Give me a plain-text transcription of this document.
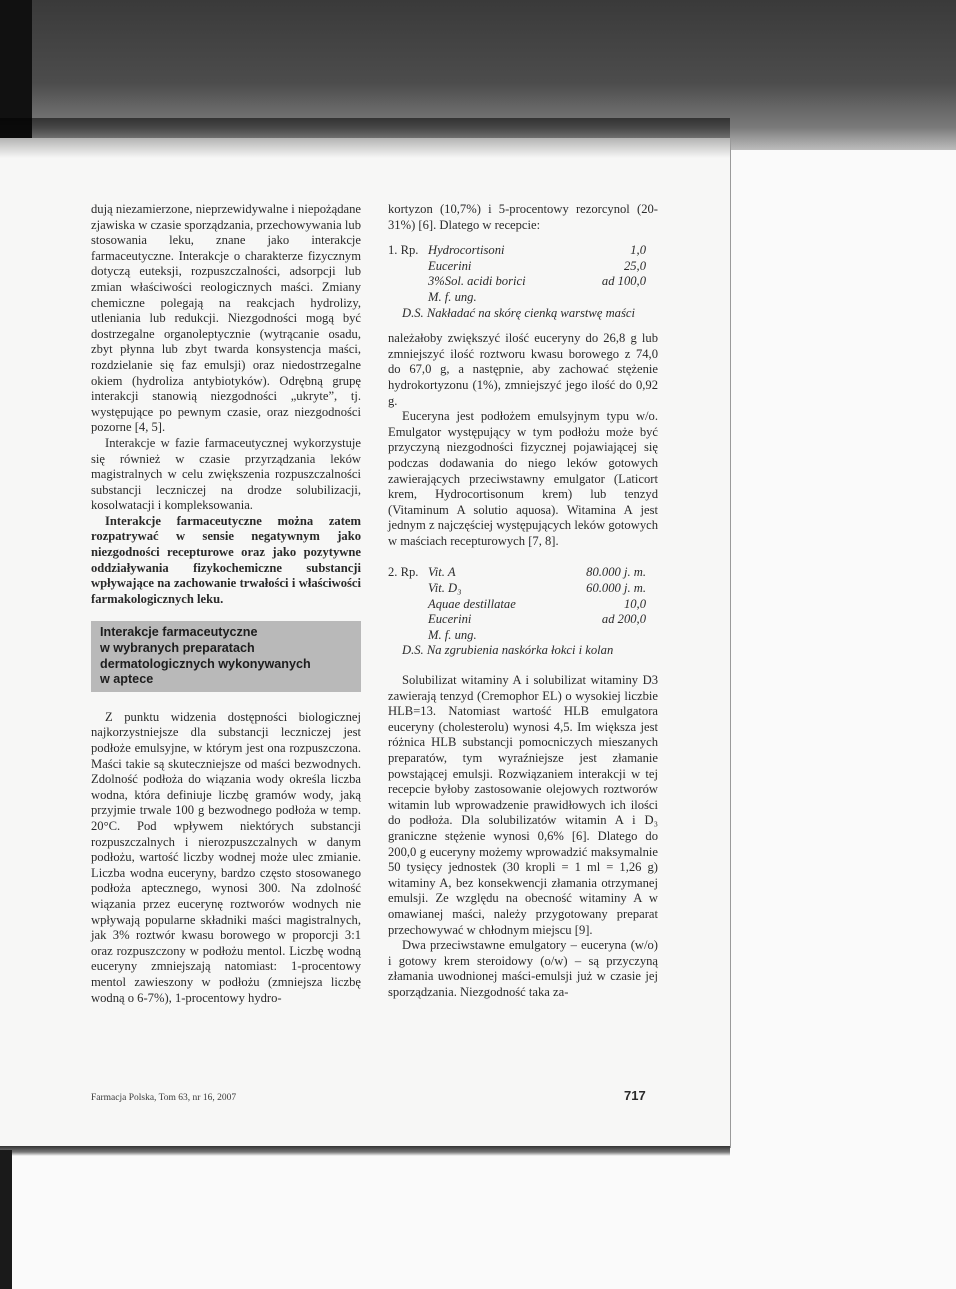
dują niezamierzone, nieprzewidywalne i niepożądane zjawiska w czasie sporządzania, przechowywania lub stosowania leku, znane jako interakcje farmaceutyczne. Interakcje o charakterze fizycznym dotyczą euteksji, rozpuszczalności, adsorpcji lub zmian właściwości reologicznych maści. Zmiany chemiczne polegają na reakcjach hydrolizy, utleniania lub redukcji. Niezgodności mogą być dostrzegalne organoleptycznie (wytrącanie osadu, zbyt płynna lub zbyt twarda konsystencja maści, rozdzielanie się faz emulsji) oraz niedostrzegalne okiem (hydroliza antybiotyków). Odrębną grupę interakcji stanowią niezgodności „ukryte”, tj. występujące po pewnym czasie, oraz niezgodności pozorne [4, 5].

Interakcje w fazie farmaceutycznej wykorzystuje się również w czasie przyrządzania leków magistralnych w celu zwiększenia rozpuszczalności substancji leczniczej na drodze solubilizacji, kosolwatacji i kompleksowania.

Interakcje farmaceutyczne można zatem rozpatrywać w sensie negatywnym jako niezgodności recepturowe oraz jako pozytywne oddziaływania fizykochemiczne substancji wpływające na zachowanie trwałości i właściwości farmakologicznych leku.

Interakcje farmaceutyczne
w wybranych preparatach
dermatologicznych wykonywanych
w aptece

Z punktu widzenia dostępności biologicznej najkorzystniejsze dla substancji leczniczej jest podłoże emulsyjne, w którym jest ona rozpuszczona. Maści takie są skuteczniejsze od maści bezwodnych. Zdolność podłoża do wiązania wody określa liczba wodna, która definiuje liczbę gramów wody, jaką przyjmie trwale 100 g bezwodnego podłoża w temp. 20°C. Pod wpływem niektórych substancji rozpuszczalnych i nierozpuszczalnych w danym podłożu, wartość liczby wodnej może ulec zmianie. Liczba wodna euceryny, bardzo często stosowanego podłoża aptecznego, wynosi 300. Na zdolność wiązania przez eucerynę roztworów wodnych nie wpływają popularne składniki maści magistralnych, jak 3% roztwór kwasu borowego w proporcji 3:1 oraz rozpuszczony w podłożu mentol. Liczbę wodną euceryny zmniejszają natomiast: 1-procentowy mentol zawieszony w podłożu (zmniejsza liczbę wodną o 6-7%), 1-procentowy hydro-

kortyzon (10,7%) i 5-procentowy rezorcynol (20-31%) [6]. Dlatego w recepcie:

1. Rp. Hydrocortisoni	1,0
Eucerini	25,0
3%Sol. acidi borici	ad 100,0
M. f. ung.
D.S. Nakładać na skórę cienką warstwę maści

należałoby zwiększyć ilość euceryny do 26,8 g lub zmniejszyć ilość roztworu kwasu borowego z 74,0 do 67,0 g, a następnie, aby zachować stężenie hydrokortyzonu (1%), zmniejszyć jego ilość do 0,92 g.

Euceryna jest podłożem emulsyjnym typu w/o. Emulgator występujący w tym podłożu może być przyczyną niezgodności fizycznej pojawiającej się podczas dodawania do niego leków gotowych zawierających przeciwstawny emulgator (Laticort krem, Hydrocortisonum krem) lub tenzyd (Vitaminum A solutio aquosa). Witamina A jest jednym z najczęściej występujących leków gotowych w maściach recepturowych [7, 8].

2. Rp. Vit. A	80.000 j. m.
Vit. D₃	60.000 j. m.
Aquae destillatae	10,0
Eucerini	ad 200,0
M. f. ung.
D.S. Na zgrubienia naskórka łokci i kolan

Solubilizat witaminy A i solubilizat witaminy D3 zawierają tenzyd (Cremophor EL) o wysokiej liczbie HLB=13. Natomiast wartość HLB emulgatora euceryny (cholesterolu) wynosi 4,5. Im większa jest różnica HLB substancji pomocniczych mieszanych preparatów, tym wyraźniejsze jest złamanie powstającej emulsji. Rozwiązaniem interakcji w tej recepcie byłoby zastosowanie olejowych roztworów witamin lub wprowadzenie prawidłowych ich ilości do podłoża. Dla solubilizatów witamin A i D₃ graniczne stężenie wynosi 0,6% [6]. Dlatego do 200,0 g euceryny możemy wprowadzić maksymalnie 50 tysięcy jednostek (30 kropli = 1 ml = 1,26 g) witaminy A, bez konsekwencji złamania otrzymanej emulsji. Ze względu na obecność witaminy A w omawianej maści, należy przygotowany preparat przechowywać w chłodnym miejscu [9].

Dwa przeciwstawne emulgatory – euceryna (w/o) i gotowy krem steroidowy (o/w) – są przyczyną złamania uwodnionej maści-emulsji już w czasie jej sporządzania. Niezgodność taka za-

Farmacja Polska, Tom 63, nr 16, 2007	717
